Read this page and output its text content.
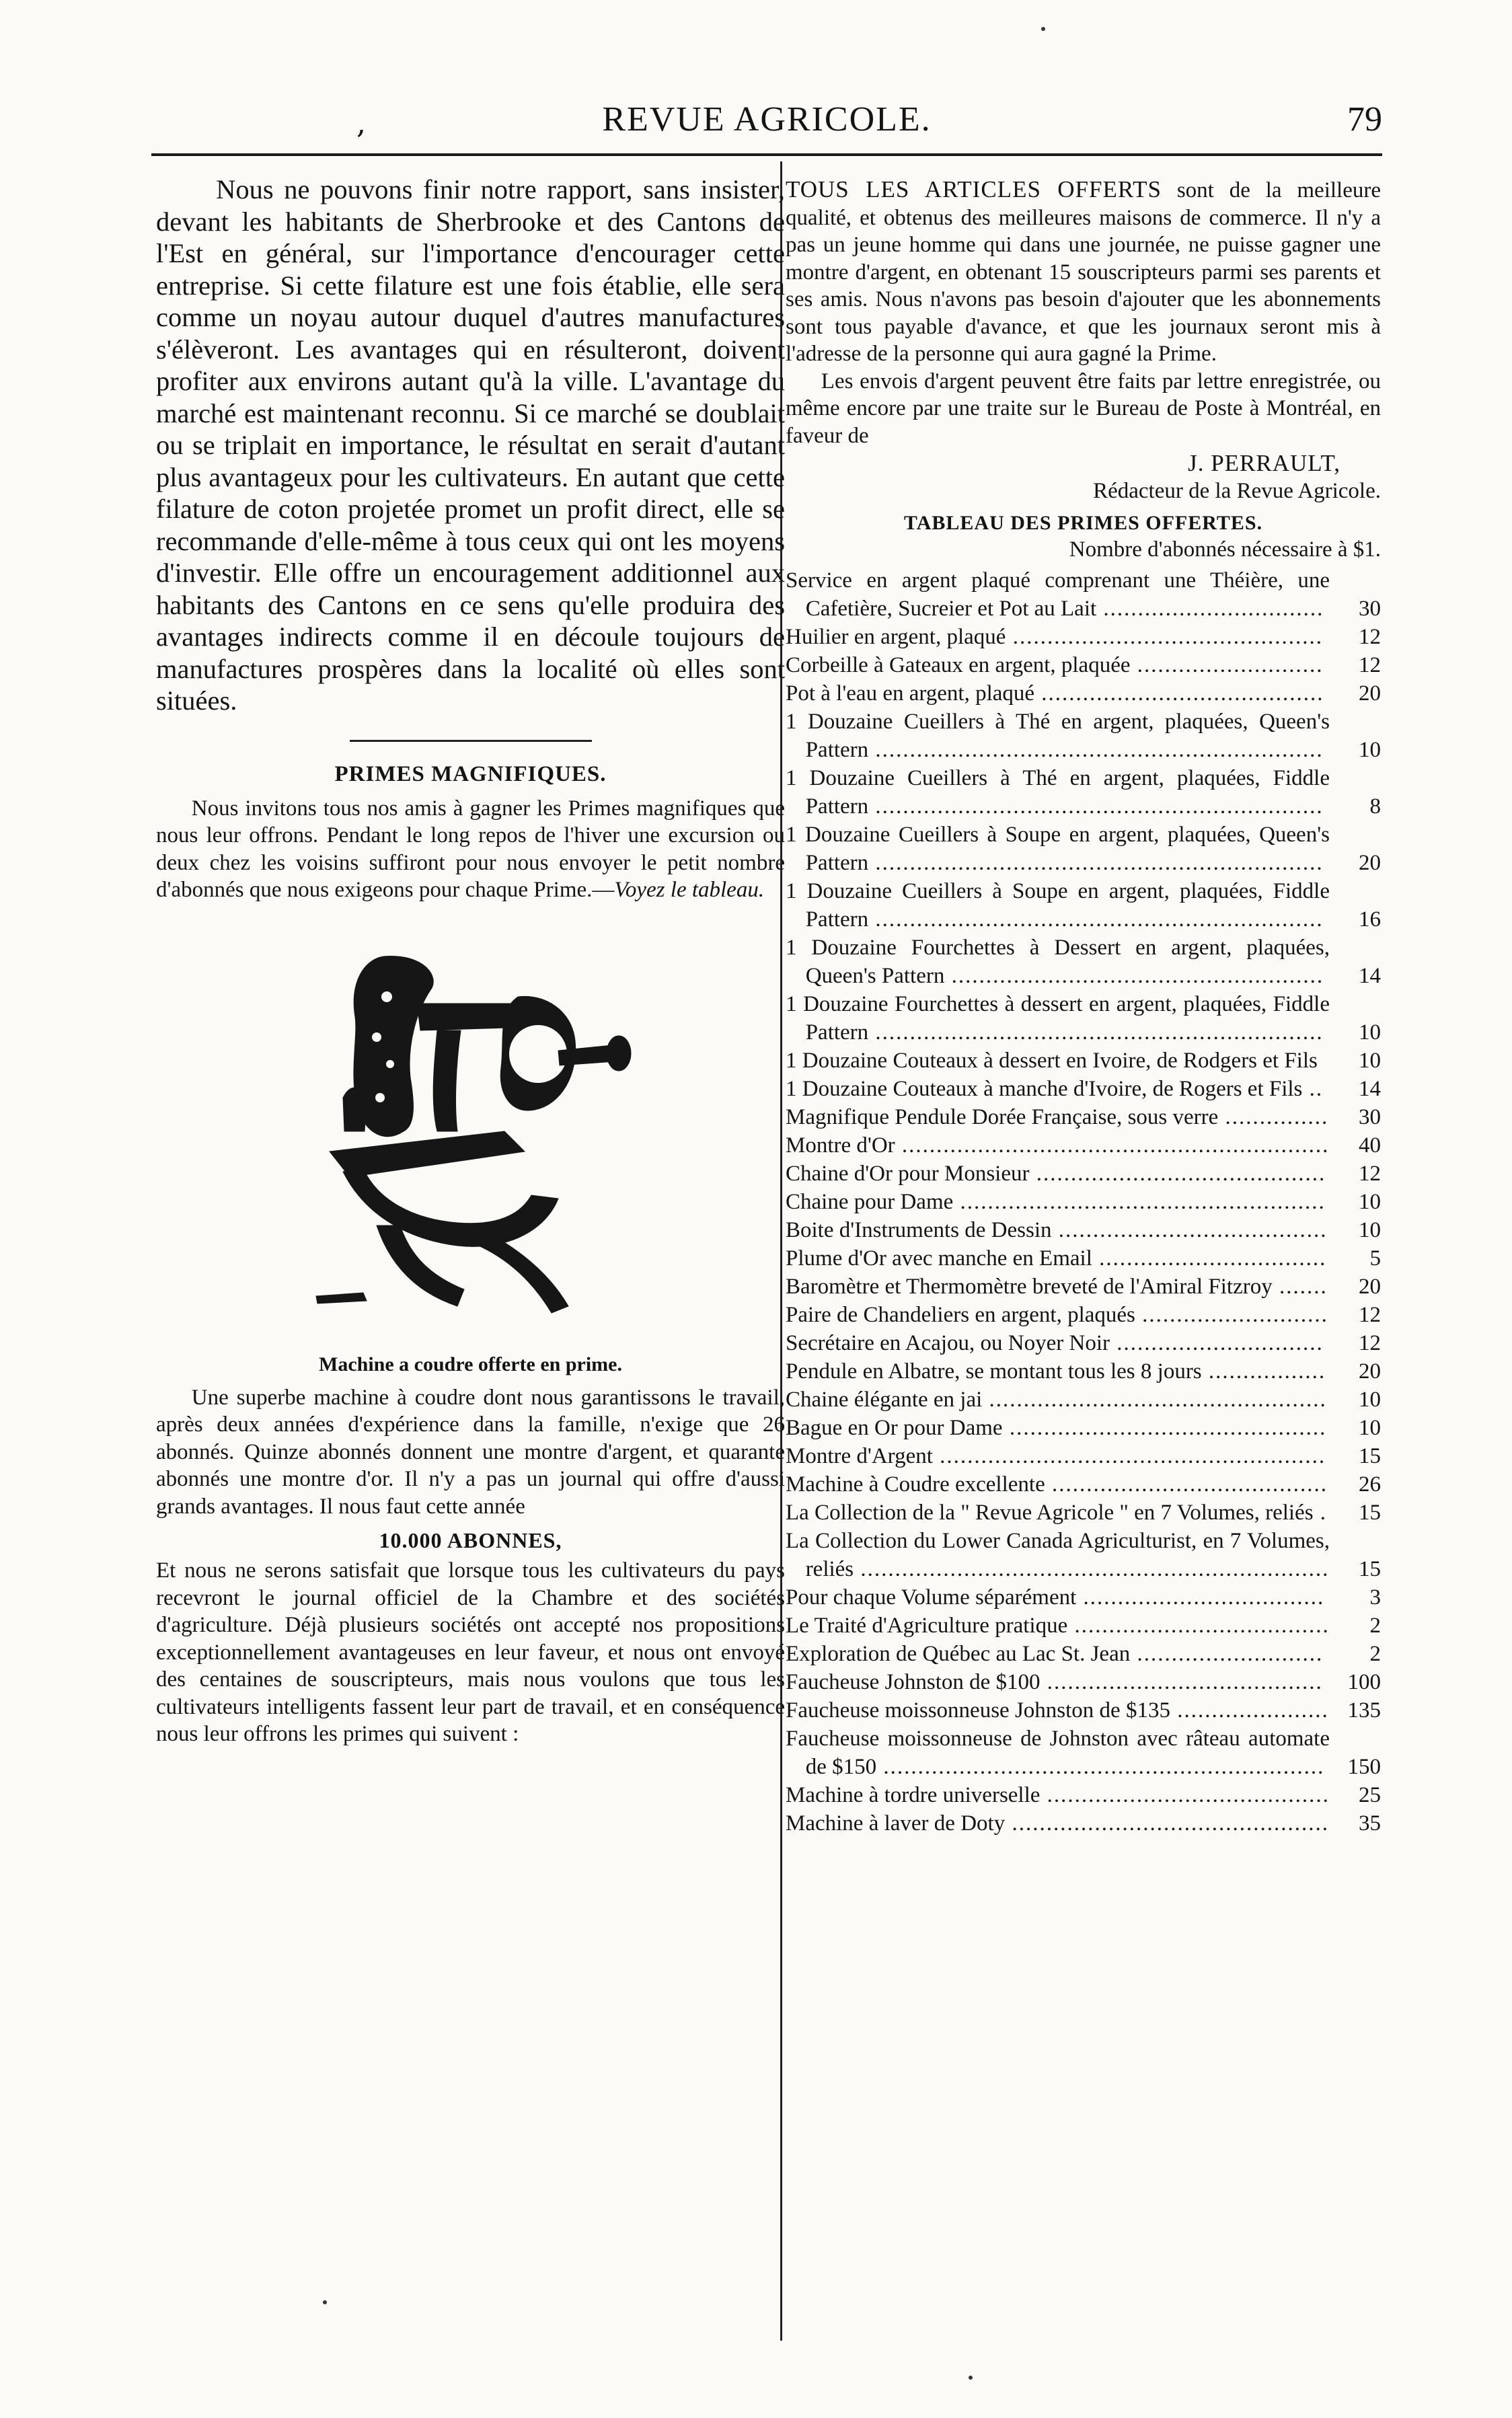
,	REVUE AGRICOLE.	79

Nous ne pouvons finir notre rapport, sans insister, devant les habitants de Sherbrooke et des Cantons de l'Est en général, sur l'importance d'encourager cette entreprise. Si cette filature est une fois établie, elle sera comme un noyau autour duquel d'autres manufactures s'élèveront. Les avantages qui en résulteront, doivent profiter aux environs autant qu'à la ville. L'avantage du marché est maintenant reconnu. Si ce marché se doublait ou se triplait en importance, le résultat en serait d'autant plus avantageux pour les cultivateurs. En autant que cette filature de coton projetée promet un profit direct, elle se recommande d'elle-même à tous ceux qui ont les moyens d'investir. Elle offre un encouragement additionnel aux habitants des Cantons en ce sens qu'elle produira des avantages indirects comme il en découle toujours de manufactures prospères dans la localité où elles sont situées.

PRIMES MAGNIFIQUES.

Nous invitons tous nos amis à gagner les Primes magnifiques que nous leur offrons. Pendant le long repos de l'hiver une excursion ou deux chez les voisins suffiront pour nous envoyer le petit nombre d'abonnés que nous exigeons pour chaque Prime.—Voyez le tableau.

Machine a coudre offerte en prime.

Une superbe machine à coudre dont nous garantissons le travail, après deux années d'expérience dans la famille, n'exige que 26 abonnés. Quinze abonnés donnent une montre d'argent, et quarante abonnés une montre d'or. Il n'y a pas un journal qui offre d'aussi grands avantages. Il nous faut cette année

10.000 ABONNES,

Et nous ne serons satisfait que lorsque tous les cultivateurs du pays recevront le journal officiel de la Chambre et des sociétés d'agriculture. Déjà plusieurs sociétés ont accepté nos propositions exceptionnellement avantageuses en leur faveur, et nous ont envoyé des centaines de souscripteurs, mais nous voulons que tous les cultivateurs intelligents fassent leur part de travail, et en conséquence nous leur offrons les primes qui suivent :

TOUS LES ARTICLES OFFERTS sont de la meilleure qualité, et obtenus des meilleures maisons de commerce. Il n'y a pas un jeune homme qui dans une journée, ne puisse gagner une montre d'argent, en obtenant 15 souscripteurs parmi ses parents et ses amis. Nous n'avons pas besoin d'ajouter que les abonnements sont tous payable d'avance, et que les journaux seront mis à l'adresse de la personne qui aura gagné la Prime.

Les envois d'argent peuvent être faits par lettre enregistrée, ou même encore par une traite sur le Bureau de Poste à Montréal, en faveur de

J. PERRAULT,

Rédacteur de la Revue Agricole.

TABLEAU DES PRIMES OFFERTES.

Nombre d'abonnés nécessaire à $1.

Service en argent plaqué comprenant une Théière, une Cafetière, Sucreier et Pot au Lait ................................	30
Huilier en argent, plaqué .............................................	12
Corbeille à Gateaux en argent, plaquée ...........................	12
Pot à l'eau en argent, plaqué .........................................	20
1 Douzaine Cueillers à Thé en argent, plaquées, Queen's Pattern .................................................................	10
1 Douzaine Cueillers à Thé en argent, plaquées, Fiddle Pattern .................................................................	8
1 Douzaine Cueillers à Soupe en argent, plaquées, Queen's Pattern .................................................................	20
1 Douzaine Cueillers à Soupe en argent, plaquées, Fiddle Pattern .................................................................	16
1 Douzaine Fourchettes à Dessert en argent, plaquées, Queen's Pattern ......................................................	14
1 Douzaine Fourchettes à dessert en argent, plaquées, Fiddle Pattern .................................................................	10
1 Douzaine Couteaux à dessert en Ivoire, de Rodgers et Fils	10
1 Douzaine Couteaux à manche d'Ivoire, de Rogers et Fils ..	14
Magnifique Pendule Dorée Française, sous verre ...............	30
Montre d'Or ..............................................................	40
Chaine d'Or pour Monsieur ..........................................	12
Chaine pour Dame .....................................................	10
Boite d'Instruments de Dessin .......................................	10
Plume d'Or avec manche en Email .................................	5
Baromètre et Thermomètre breveté de l'Amiral Fitzroy .......	20
Paire de Chandeliers en argent, plaqués ...........................	12
Secrétaire en Acajou, ou Noyer Noir ..............................	12
Pendule en Albatre, se montant tous les 8 jours .................	20
Chaine élégante en jai .................................................	10
Bague en Or pour Dame ..............................................	10
Montre d'Argent ........................................................	15
Machine à Coudre excellente ........................................	26
La Collection de la " Revue Agricole " en 7 Volumes, reliés .	15
La Collection du Lower Canada Agriculturist, en 7 Volumes, reliés ....................................................................	15
Pour chaque Volume séparément ...................................	3
Le Traité d'Agriculture pratique .....................................	2
Exploration de Québec au Lac St. Jean ...........................	2
Faucheuse Johnston de $100 ........................................	100
Faucheuse moissonneuse Johnston de $135 ...................... 135
Faucheuse moissonneuse de Johnston avec râteau automate de $150 ................................................................	150
Machine à tordre universelle .........................................	25
Machine à laver de Doty ..............................................	35
